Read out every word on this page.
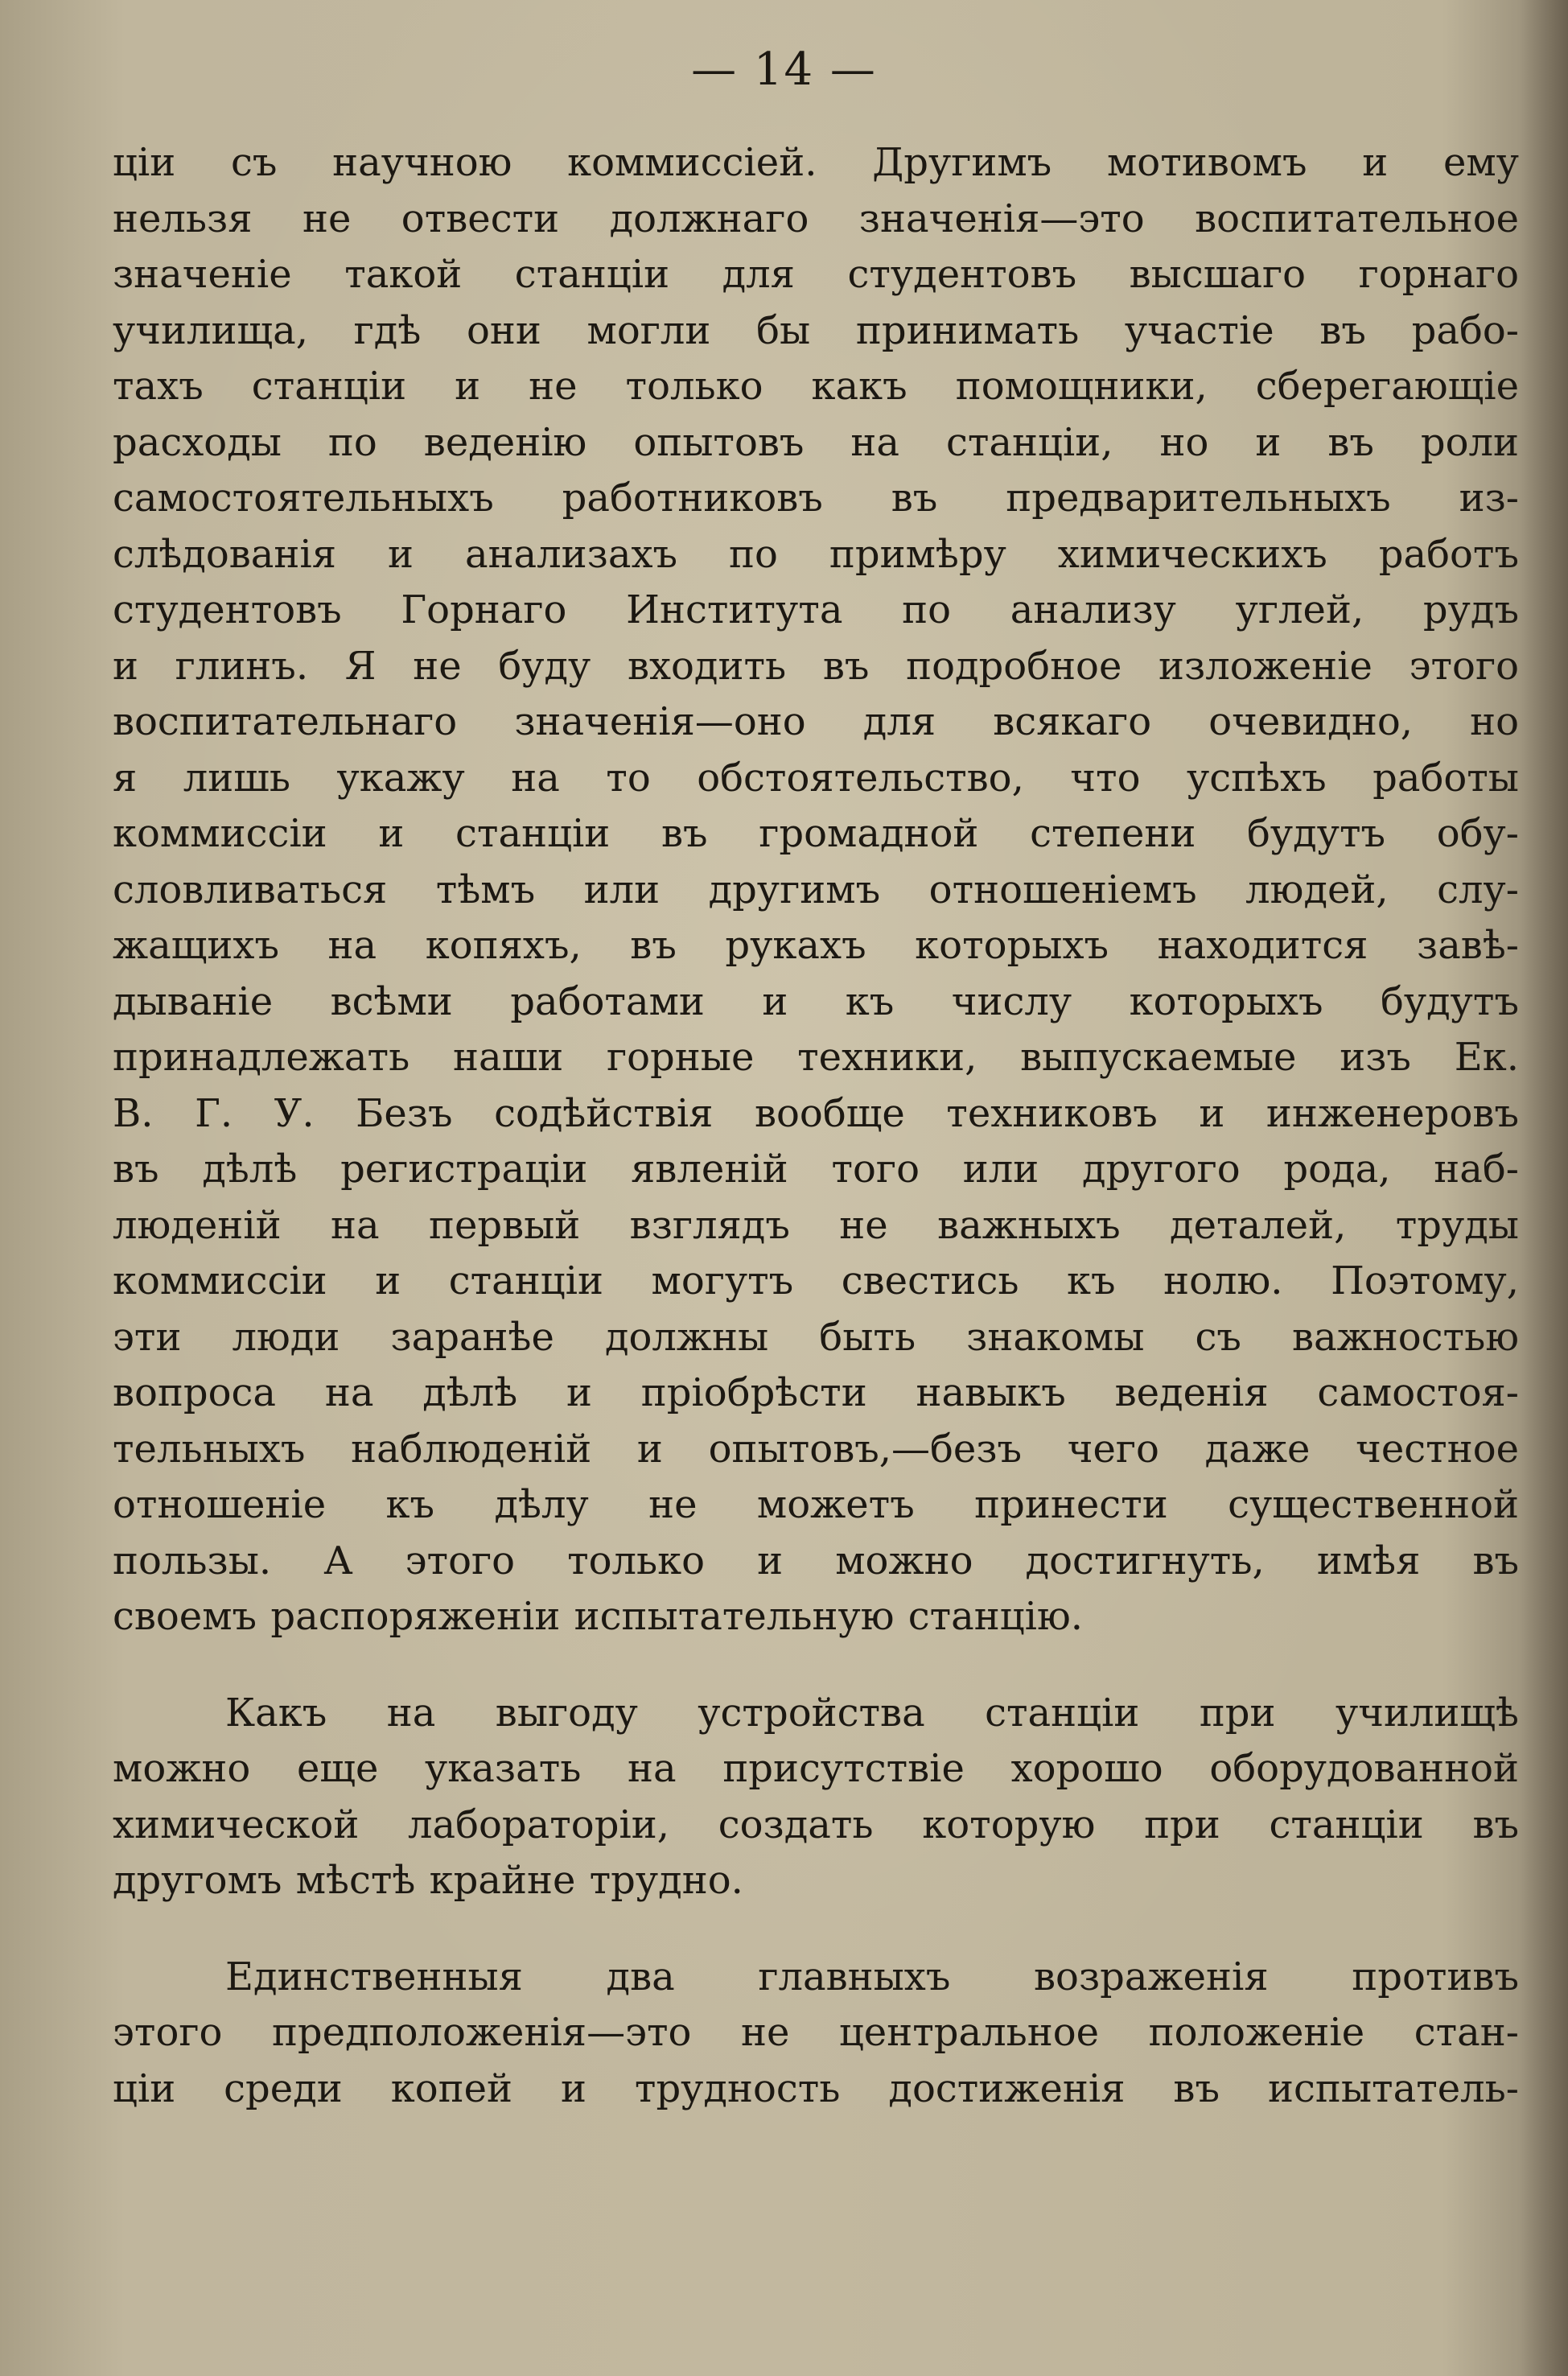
— 14 —
ціи съ научною коммиссіей. Другимъ мотивомъ и ему
нельзя не отвести должнаго значенія—это воспитательное
значеніе такой станціи для студентовъ высшаго горнаго
училища, гдѣ они могли бы принимать участіе въ рабо-
тахъ станціи и не только какъ помощники, сберегающіе
расходы по веденію опытовъ на станціи, но и въ роли
самостоятельныхъ работниковъ въ предварительныхъ из-
слѣдованія и анализахъ по примѣру химическихъ работъ
студентовъ Горнаго Института по анализу углей, рудъ
и глинъ. Я не буду входить въ подробное изложеніе этого
воспитательнаго значенія—оно для всякаго очевидно, но
я лишь укажу на то обстоятельство, что успѣхъ работы
коммиссіи и станціи въ громадной степени будутъ обу-
словливаться тѣмъ или другимъ отношеніемъ людей, слу-
жащихъ на копяхъ, въ рукахъ которыхъ находится завѣ-
дываніе всѣми работами и къ числу которыхъ будутъ
принадлежать наши горные техники, выпускаемые изъ Ек.
В. Г. У. Безъ содѣйствія вообще техниковъ и инженеровъ
въ дѣлѣ регистраціи явленій того или другого рода, наб-
люденій на первый взглядъ не важныхъ деталей, труды
коммиссіи и станціи могутъ свестись къ нолю. Поэтому,
эти люди заранѣе должны быть знакомы съ важностью
вопроса на дѣлѣ и пріобрѣсти навыкъ веденія самостоя-
тельныхъ наблюденій и опытовъ,—безъ чего даже честное
отношеніе къ дѣлу не можетъ принести существенной
пользы. А этого только и можно достигнуть, имѣя въ
своемъ распоряженіи испытательную станцію.
Какъ на выгоду устройства станціи при училищѣ
можно еще указать на присутствіе хорошо оборудованной
химической лабораторіи, создать которую при станціи въ
другомъ мѣстѣ крайне трудно.
Единственныя два главныхъ возраженія противъ
этого предположенія—это не центральное положеніе стан-
ціи среди копей и трудность достиженія въ испытатель-
